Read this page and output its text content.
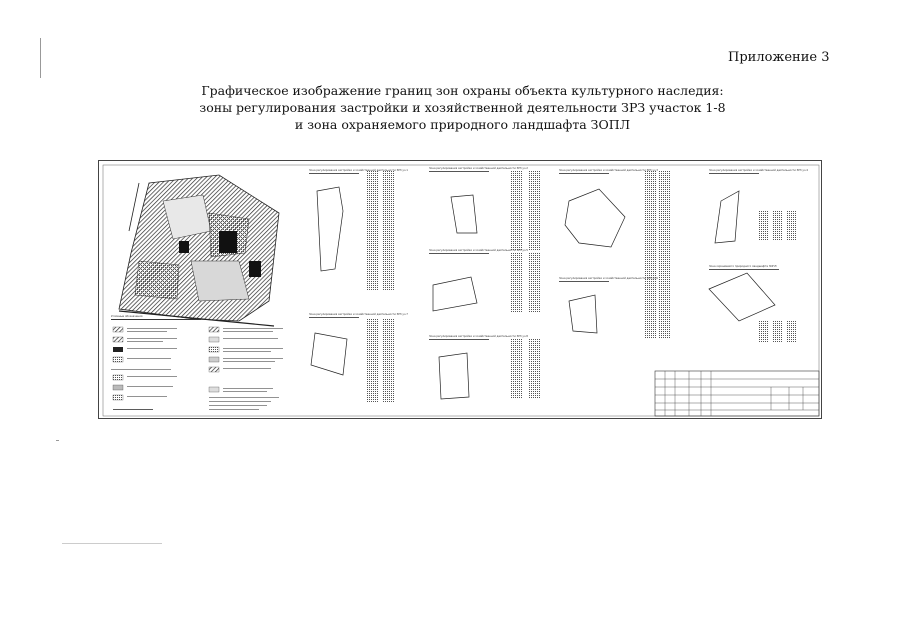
Приложение 3
Графическое изображение границ зон охраны объекта культурного наследия:
зоны регулирования застройки и хозяйственной деятельности ЗРЗ участок 1-8
и зона охраняемого природного ландшафта ЗОПЛ
Зона регулирования застройки и хозяйственной деятельности ЗРЗ уч.1
Зона регулирования застройки и хозяйственной деятельности ЗРЗ уч.2
Зона регулирования застройки и хозяйственной деятельности ЗРЗ уч.3	Зона регулирования застройки и хозяйственной деятельности ЗРЗ уч.4
Зона регулирования застройки и хозяйственной деятельности ЗРЗ уч.5
Зона регулирования застройки и хозяйственной деятельности ЗРЗ уч.6
Зона регулирования застройки и хозяйственной деятельности ЗРЗ уч.7
Зона регулирования застройки и хозяйственной деятельности ЗРЗ уч.8
Зона охраняемого природного ландшафта ЗОПЛ
Условные обозначения
